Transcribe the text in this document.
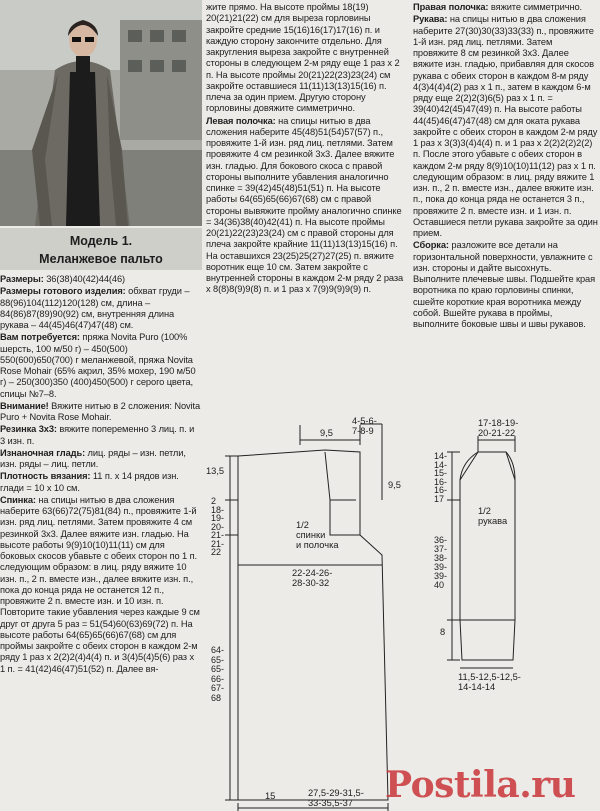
Модель 1.
Меланжевое пальто

Размеры: 36(38)40(42)44(46)

Размеры готового изделия: обхват груди – 88(96)104(112)120(128) см, длина – 84(86)87(89)90(92) см, внутренняя длина рукава – 44(45)46(47)47(48) см.

Вам потребуется: пряжа Novita Puro (100% шерсть, 100 м/50 г) – 450(500) 550(600)650(700) г меланжевой, пряжа Novita Rose Mohair (65% акрил, 35% мохер, 190 м/50 г) – 250(300)350 (400)450(500) г серого цвета, спицы №7–8.

Внимание! Вяжите нитью в 2 сложения: Novita Puro + Novita Rose Mohair.

Резинка 3х3: вяжите попеременно 3 лиц. п. и 3 изн. п.

Изнаночная гладь: лиц. ряды – изн. петли, изн. ряды – лиц. петли.

Плотность вязания: 11 п. х 14 рядов изн. глади = 10 х 10 см.

Спинка: на спицы нитью в два сложения наберите 63(66)72(75)81(84) п., провяжите 1-й изн. ряд лиц. петлями. Затем провяжите 4 см резинкой 3х3. Далее вяжите изн. гладью. На высоте работы 9(9)10(10)11(11) см для боковых скосов убавьте с обеих сторон по 1 п. следующим образом: в лиц. ряду вяжите 10 изн. п., 2 п. вместе изн., далее вяжите изн. п., пока до конца ряда не останется 12 п., провяжите 2 п. вместе изн. и 10 изн. п. Повторите такие убавления через каждые 9 см друг от друга 5 раз = 51(54)60(63)69(72) п. На высоте работы 64(65)65(66)67(68) см для проймы закройте с обеих сторон в каждом 2-м ряду 1 раз х 2(2)2(4)4(4) п. и 3(4)5(4)5(6) раз х 1 п. = 41(42)46(47)51(52) п. Далее вя-

жите прямо. На высоте проймы 18(19) 20(21)21(22) см для выреза горловины закройте средние 15(16)16(17)17(16) п. и каждую сторону закончите отдельно. Для закругления выреза закройте с внутренней стороны в следующем 2-м ряду еще 1 раз х 2 п. На высоте проймы 20(21)22(23)23(24) см закройте оставшиеся 11(11)13(13)15(16) п. плеча за один прием. Другую сторону горловины довяжите симметрично.

Левая полочка: на спицы нитью в два сложения наберите 45(48)51(54)57(57) п., провяжите 1-й изн. ряд лиц. петлями. Затем провяжите 4 см резинкой 3х3. Далее вяжите изн. гладью. Для бокового скоса с правой стороны выполните убавления аналогично спинке = 39(42)45(48)51(51) п. На высоте работы 64(65)65(66)67(68) см с правой стороны вывяжите пройму аналогично спинке = 34(36)38(40)42(41) п. На высоте проймы 20(21)22(23)23(24) см с правой стороны для плеча закройте крайние 11(11)13(13)15(16) п. На оставшихся 23(25)25(27)27(25) п. вяжите воротник еще 10 см. Затем закройте с внутренней стороны в каждом 2-м ряду 2 раза х 8(8)8(9)9(8) п. и 1 раз х 7(9)9(9)9(9) п.

Правая полочка: вяжите симметрично.

Рукава: на спицы нитью в два сложения наберите 27(30)30(33)33(33) п., провяжите 1-й изн. ряд лиц. петлями. Затем провяжите 8 см резинкой 3х3. Далее вяжите изн. гладью, прибавляя для скосов рукава с обеих сторон в каждом 8-м ряду 4(3)4(4)4(2) раз х 1 п., затем в каждом 6-м ряду еще 2(2)2(3)6(5) раз х 1 п. = 39(40)42(45)47(49) п. На высоте работы 44(45)46(47)47(48) см для оката рукава закройте с обеих сторон в каждом 2-м ряду 1 раз х 3(3)3(4)4(4) п. и 1 раз х 2(2)2(2)2(2) п. После этого убавьте с обеих сторон в каждом 2-м ряду 8(9)10(10)11(12) раз х 1 п. следующим образом: в лиц. ряду вяжите 1 изн. п., 2 п. вместе изн., далее вяжите изн. п., пока до конца ряда не останется 3 п., провяжите 2 п. вместе изн. и 1 изн. п. Оставшиеся петли рукава закройте за один прием.

Сборка: разложите все детали на горизонтальной поверхности, увлажните с изн. стороны и дайте высохнуть. Выполните плечевые швы. Подшейте края воротника по краю горловины спинки, сшейте короткие края воротника между собой. Вшейте рукава в проймы, выполните боковые швы и швы рукавов.

9,5
4-5-6-
7-8-9
9,5
13,5
2
18-
19-
20-
21-
21-
22
64-
65-
65-
66-
67-
68
1/2
спинки
и полочка
22-24-26-
28-30-32
15	27,5-29-31,5-
33-35,5-37
17-18-19-
20-21-22
14-
14-
15-
16-
16-
17
36-
37-
38-
39-
39-
40
1/2
рукава
8
11,5-12,5-12,5-
14-14-14
Postila.ru
